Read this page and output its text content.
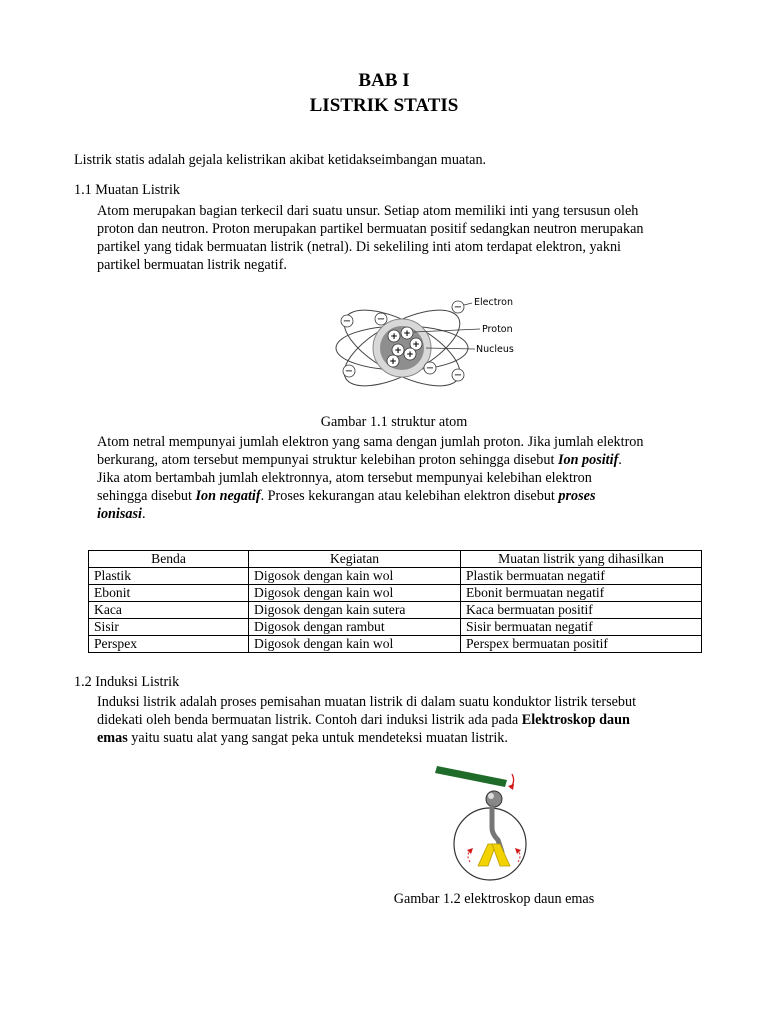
BAB I
LISTRIK STATIS
Listrik statis adalah gejala kelistrikan akibat ketidakseimbangan muatan.
1.1 Muatan Listrik
Atom merupakan bagian terkecil dari suatu unsur. Setiap atom memiliki inti yang tersusun oleh
proton dan neutron. Proton merupakan partikel bermuatan positif sedangkan neutron merupakan
partikel yang tidak bermuatan listrik (netral). Di sekeliling inti atom terdapat elektron, yakni
partikel bermuatan listrik negatif.
+ +
+
+ +
+
−	−
−
−	−
−
Electron
Proton
Nucleus
Gambar 1.1 struktur atom
Atom netral mempunyai jumlah elektron yang sama dengan jumlah proton. Jika jumlah elektron
berkurang, atom tersebut mempunyai struktur kelebihan proton sehingga disebut Ion positif.
Jika atom bertambah jumlah elektronnya, atom tersebut mempunyai kelebihan elektron
sehingga disebut Ion negatif. Proses kekurangan atau kelebihan elektron disebut proses
ionisasi.
Benda	Kegiatan	Muatan listrik yang dihasilkan
Plastik	Digosok dengan kain wol	Plastik bermuatan negatif
Ebonit	Digosok dengan kain wol	Ebonit bermuatan negatif
Kaca	Digosok dengan kain sutera	Kaca bermuatan positif
Sisir	Digosok dengan rambut	Sisir bermuatan negatif
Perspex	Digosok dengan kain wol	Perspex bermuatan positif
1.2 Induksi Listrik
Induksi listrik adalah proses pemisahan muatan listrik di dalam suatu konduktor listrik tersebut
didekati oleh benda bermuatan listrik. Contoh dari induksi listrik ada pada Elektroskop daun
emas yaitu suatu alat yang sangat peka untuk mendeteksi muatan listrik.
Gambar 1.2 elektroskop daun emas
